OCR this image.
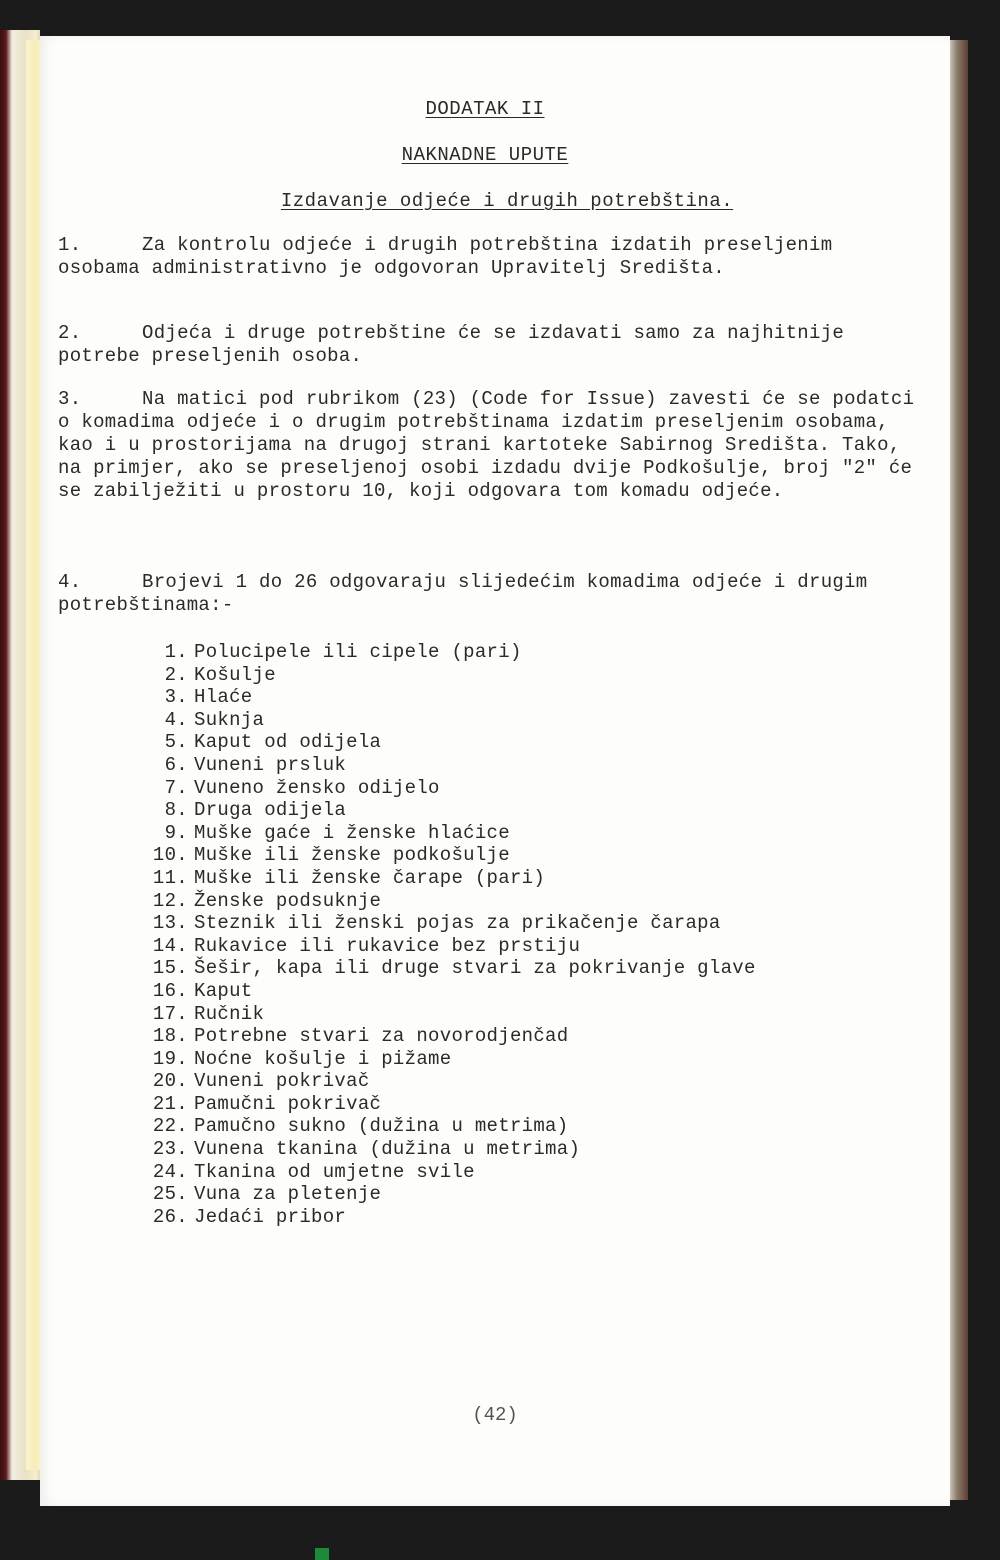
DODATAK II
NAKNADNE UPUTE
Izdavanje odjeće i drugih potrebština.
1.	Za kontrolu odjeće i drugih potrebština izdatih preseljenim osobama administrativno je odgovoran Upravitelj Središta.
2.	Odjeća i druge potrebštine će se izdavati samo za najhitnije potrebe preseljenih osoba.
3.	Na matici pod rubrikom (23) (Code for Issue) zavesti će se podatci o komadima odjeće i o drugim potrebštinama izdatim preseljenim osobama, kao i u prostorijama na drugoj strani kartoteke Sabirnog Središta. Tako, na primjer, ako se preseljenoj osobi izdadu dvije Podkošulje, broj "2" će se zabilježiti u prostoru 10, koji odgovara tom komadu odjeće.
4.	Brojevi 1 do 26 odgovaraju slijedećim komadima odjeće i drugim potrebštinama:-
1. Polucipele ili cipele (pari)
2. Košulje
3. Hlaće
4. Suknja
5. Kaput od odijela
6. Vuneni prsluk
7. Vuneno žensko odijelo
8. Druga odijela
9. Muške gaće i ženske hlaćice
10. Muške ili ženske podkošulje
11. Muške ili ženske čarape (pari)
12. Ženske podsuknje
13. Steznik ili ženski pojas za prikačenje čarapa
14. Rukavice ili rukavice bez prstiju
15. Šešir, kapa ili druge stvari za pokrivanje glave
16. Kaput
17. Ručnik
18. Potrebne stvari za novorodjenčad
19. Noćne košulje i pižame
20. Vuneni pokrivač
21. Pamučni pokrivač
22. Pamučno sukno (dužina u metrima)
23. Vunena tkanina (dužina u metrima)
24. Tkanina od umjetne svile
25. Vuna za pletenje
26. Jedaći pribor
(42)
